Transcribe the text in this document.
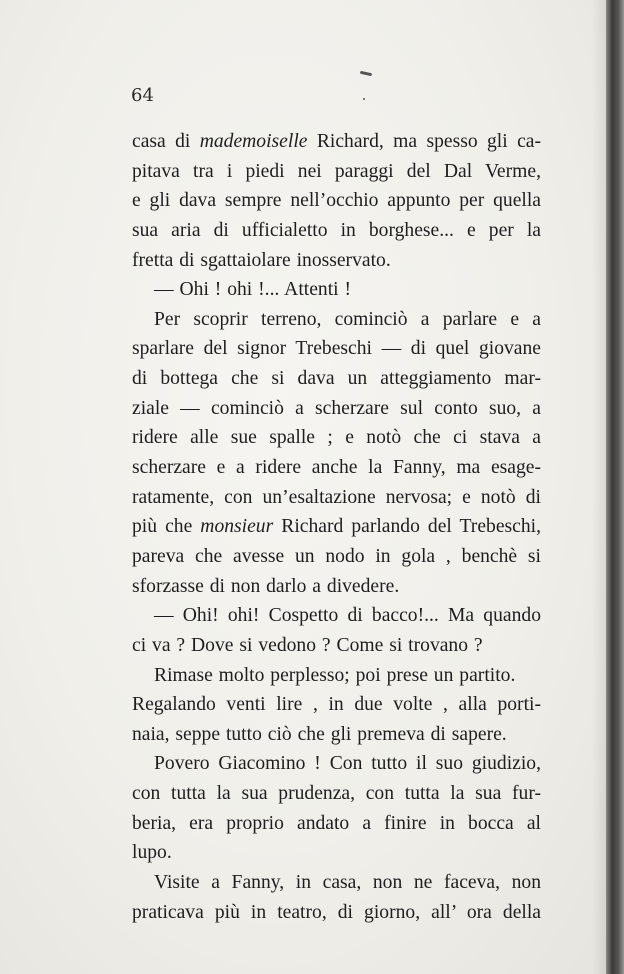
64
casa di mademoiselle Richard, ma spesso gli ca-
pitava tra i piedi nei paraggi del Dal Verme,
e gli dava sempre nell’occhio appunto per quella
sua aria di ufficialetto in borghese... e per la
fretta di sgattaiolare inosservato.
— Ohi ! ohi !... Attenti !
Per scoprir terreno, cominciò a parlare e a
sparlare del signor Trebeschi — di quel giovane
di bottega che si dava un atteggiamento mar-
ziale — cominciò a scherzare sul conto suo, a
ridere alle sue spalle ; e notò che ci stava a
scherzare e a ridere anche la Fanny, ma esage-
ratamente, con un’esaltazione nervosa; e notò di
più che monsieur Richard parlando del Trebeschi,
pareva che avesse un nodo in gola , benchè si
sforzasse di non darlo a divedere.
— Ohi! ohi! Cospetto di bacco!... Ma quando
ci va ? Dove si vedono ? Come si trovano ?
Rimase molto perplesso; poi prese un partito.
Regalando venti lire , in due volte , alla porti-
naia, seppe tutto ciò che gli premeva di sapere.
Povero Giacomino ! Con tutto il suo giudizio,
con tutta la sua prudenza, con tutta la sua fur-
beria, era proprio andato a finire in bocca al
lupo.
Visite a Fanny, in casa, non ne faceva, non
praticava più in teatro, di giorno, all’ ora della
